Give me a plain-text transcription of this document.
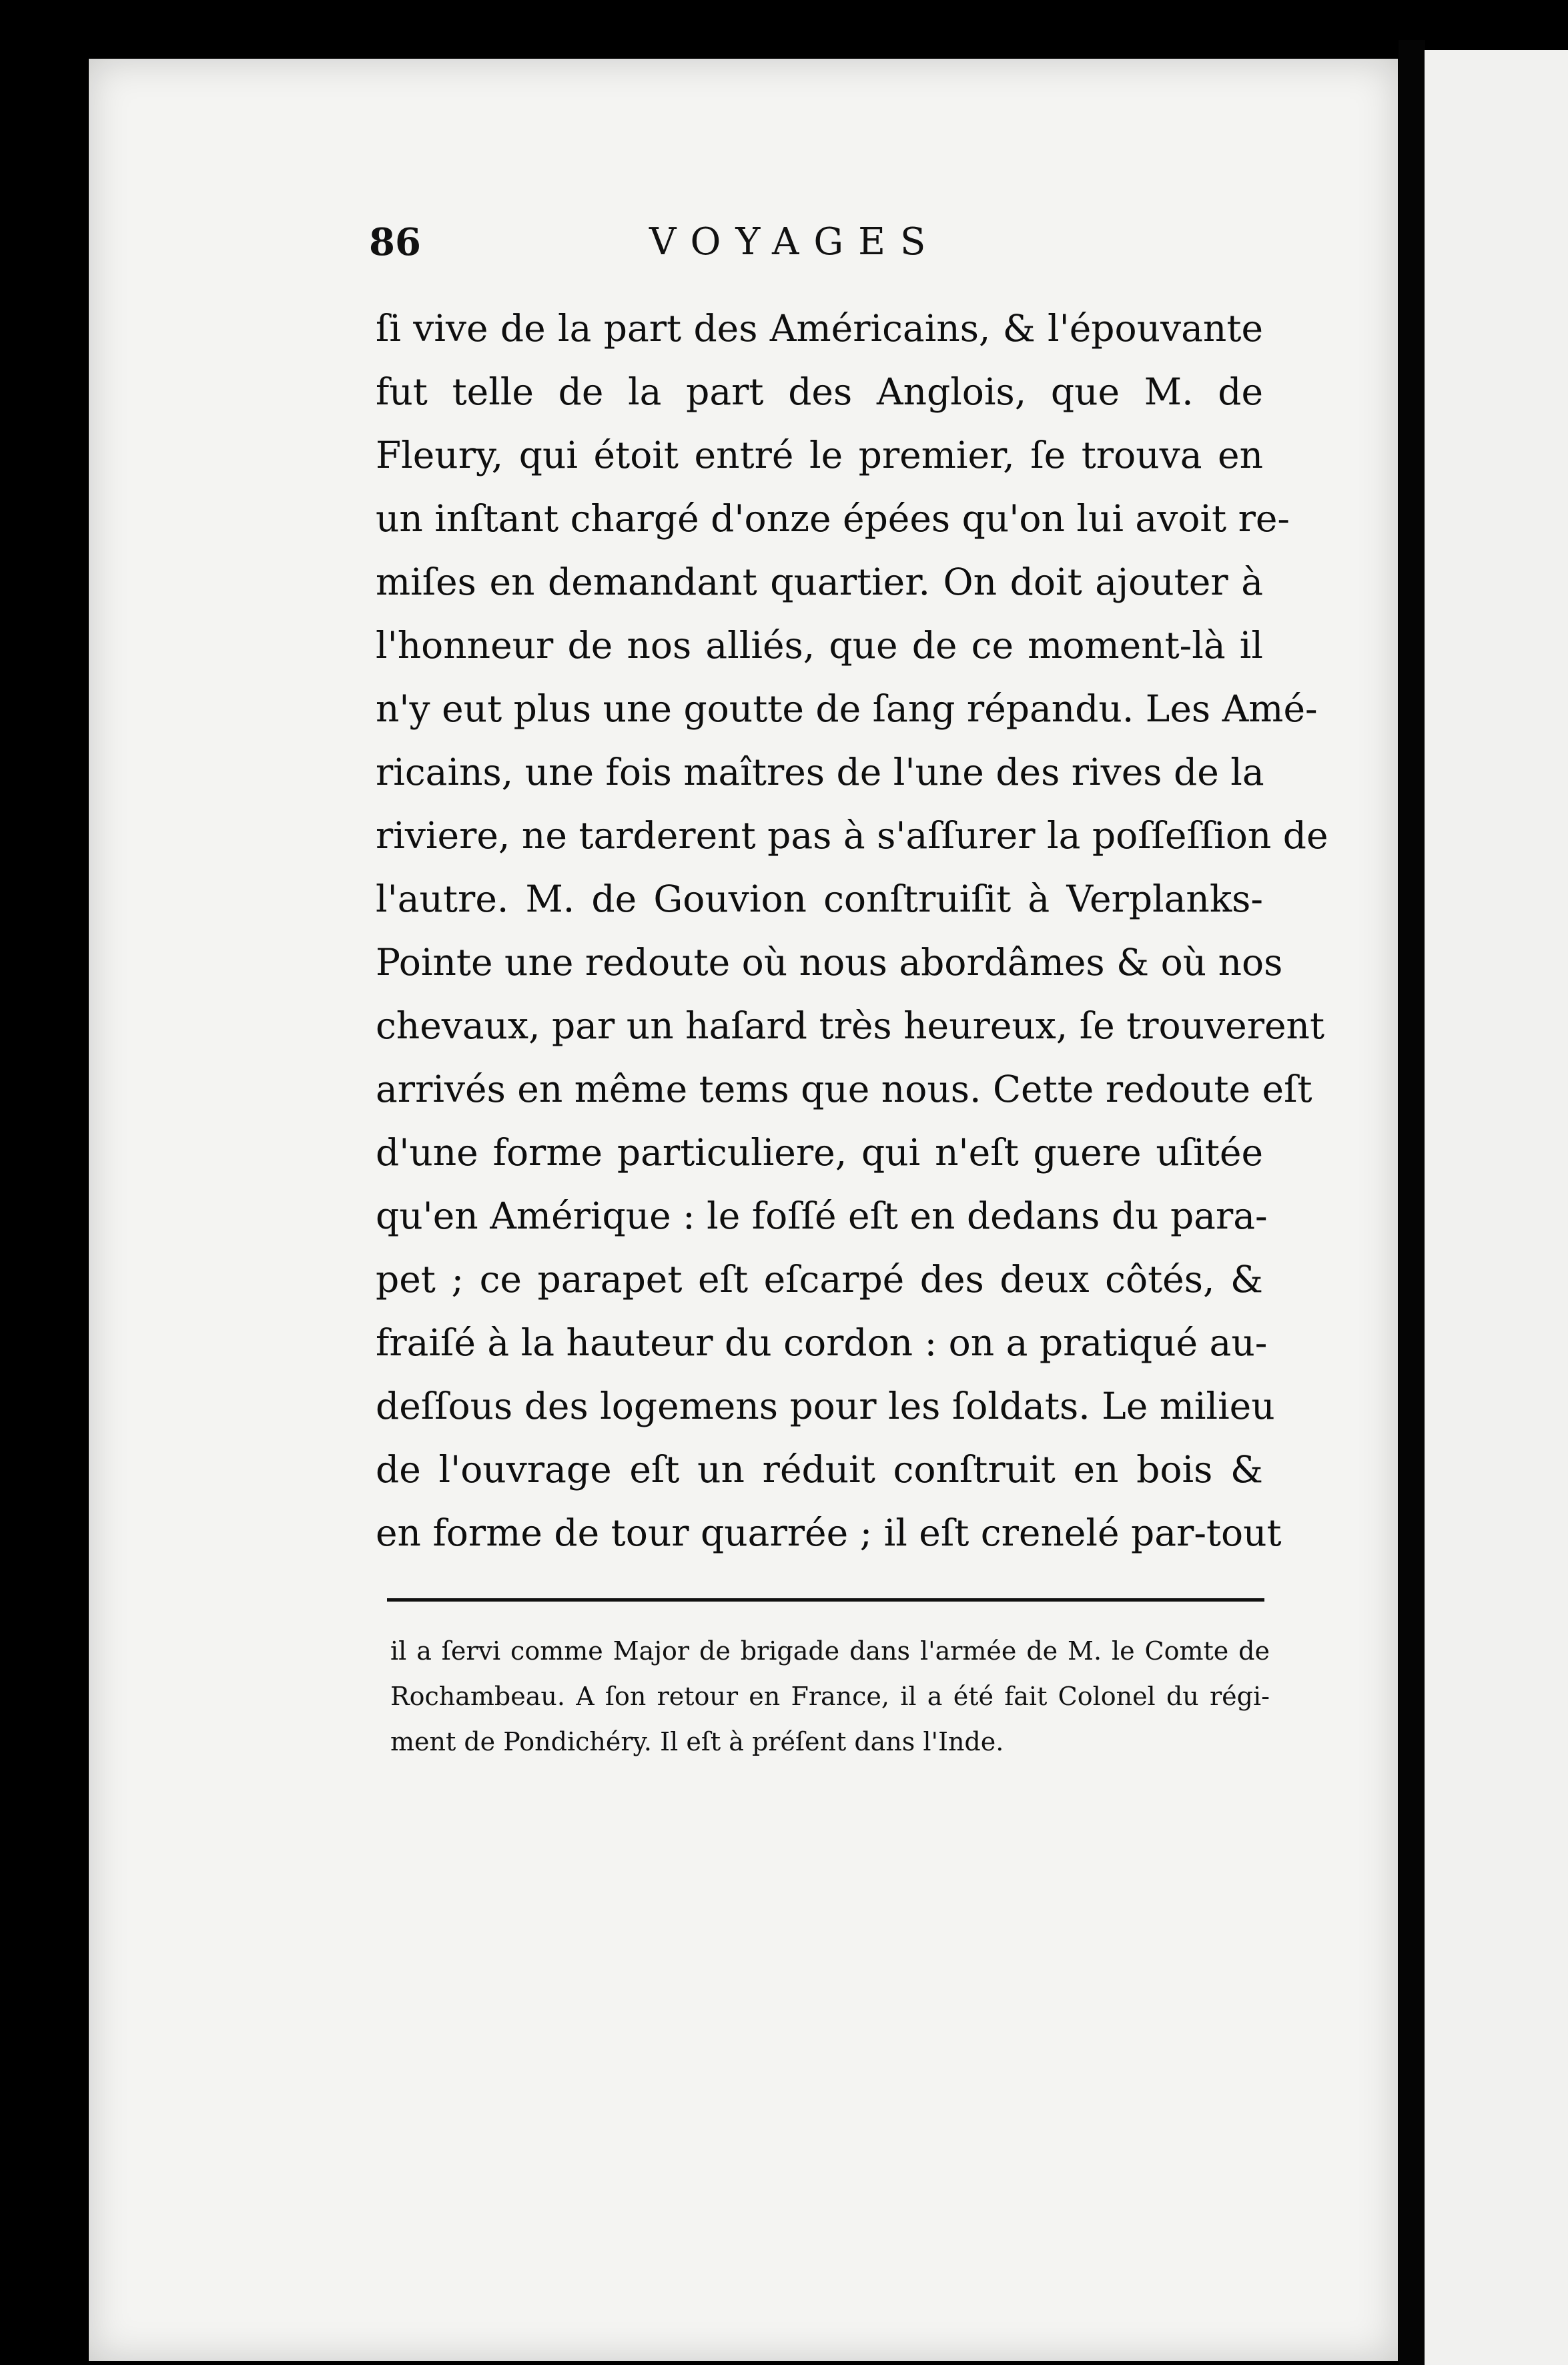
86	VOYAGES
ſi vive de la part des Américains, & l'épouvante
fut telle de la part des Anglois, que M. de
Fleury, qui étoit entré le premier, ſe trouva en
un inſtant chargé d'onze épées qu'on lui avoit re-
miſes en demandant quartier. On doit ajouter à
l'honneur de nos alliés, que de ce moment-là il
n'y eut plus une goutte de ſang répandu. Les Amé-
ricains, une fois maîtres de l'une des rives de la
riviere, ne tarderent pas à s'aſſurer la poſſeſſion de
l'autre. M. de Gouvion conſtruiſit à Verplanks-
Pointe une redoute où nous abordâmes & où nos
chevaux, par un haſard très heureux, ſe trouverent
arrivés en même tems que nous. Cette redoute eſt
d'une forme particuliere, qui n'eſt guere uſitée
qu'en Amérique : le foſſé eſt en dedans du para-
pet ; ce parapet eſt eſcarpé des deux côtés, &
fraiſé à la hauteur du cordon : on a pratiqué au-
deſſous des logemens pour les ſoldats. Le milieu
de l'ouvrage eſt un réduit conſtruit en bois &
en forme de tour quarrée ; il eſt crenelé par-tout
il a ſervi comme Major de brigade dans l'armée de M. le Comte de
Rochambeau. A ſon retour en France, il a été fait Colonel du régi-
ment de Pondichéry. Il eſt à préſent dans l'Inde.
